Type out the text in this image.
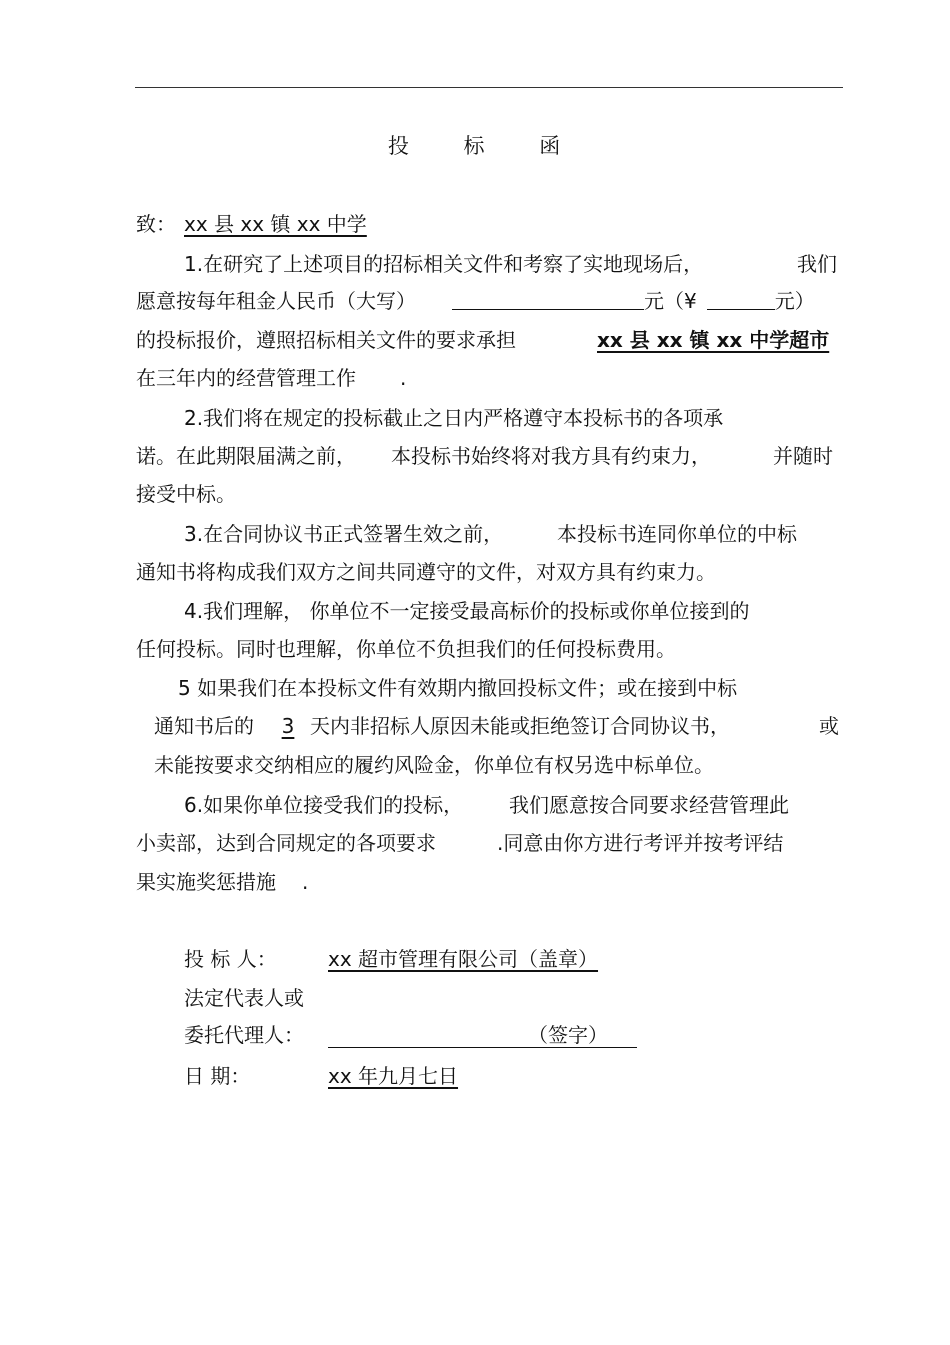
投	标	函
致： xx 县 xx 镇 xx 中学
1.在研究了上述项目的招标相关文件和考察了实地现场后，	我们
愿意按每年租金人民币（大写）	元（¥	元）
的投标报价，遵照招标相关文件的要求承担	xx 县 xx 镇 xx 中学超市
在三年内的经营管理工作 .
2.我们将在规定的投标截止之日内严格遵守本投标书的各项承
诺。在此期限届满之前， 本投标书始终将对我方具有约束力，	并随时
接受中标。
3.在合同协议书正式签署生效之前，	本投标书连同你单位的中标
通知书将构成我们双方之间共同遵守的文件，对双方具有约束力。
4.我们理解， 你单位不一定接受最高标价的投标或你单位接到的
任何投标。同时也理解，你单位不负担我们的任何投标费用。
5 如果我们在本投标文件有效期内撤回投标文件；或在接到中标
通知书后的 3 天内非招标人原因未能或拒绝签订合同协议书，	或
未能按要求交纳相应的履约风险金，你单位有权另选中标单位。
6.如果你单位接受我们的投标， 我们愿意按合同要求经营管理此
小卖部，达到合同规定的各项要求	.同意由你方进行考评并按考评结
果实施奖惩措施 .
投 标 人：	xx 超市管理有限公司（盖章）
法定代表人或
委托代理人：	（签字）
日 期：	xx 年九月七日
